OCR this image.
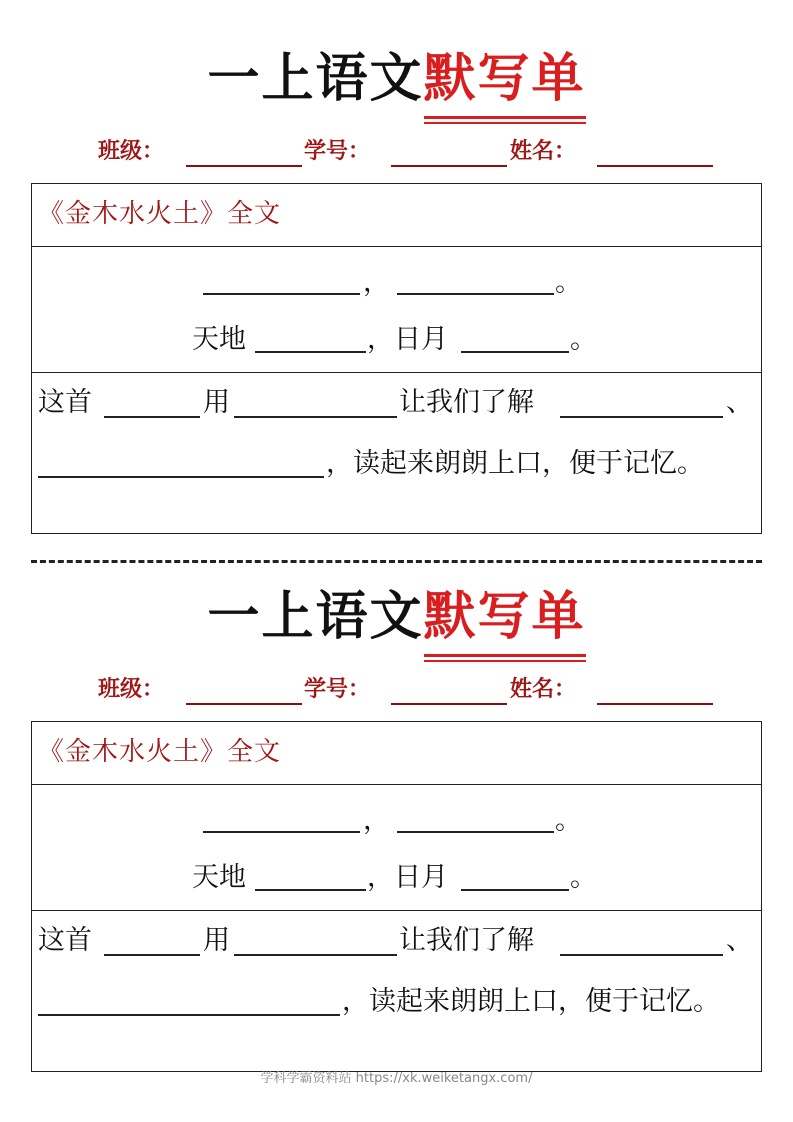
一上语文默写单
班级：	学号：	姓名：
《金木水火土》全文
，	。
天地	，日月	。
这首	用	让我们了解	、
，读起来朗朗上口，便于记忆。
一上语文默写单
班级：	学号：	姓名：
《金木水火土》全文
，	。
天地	，日月	。
这首	用	让我们了解	、
，读起来朗朗上口，便于记忆。
学科学霸资料站 https://xk.weiketangx.com/
